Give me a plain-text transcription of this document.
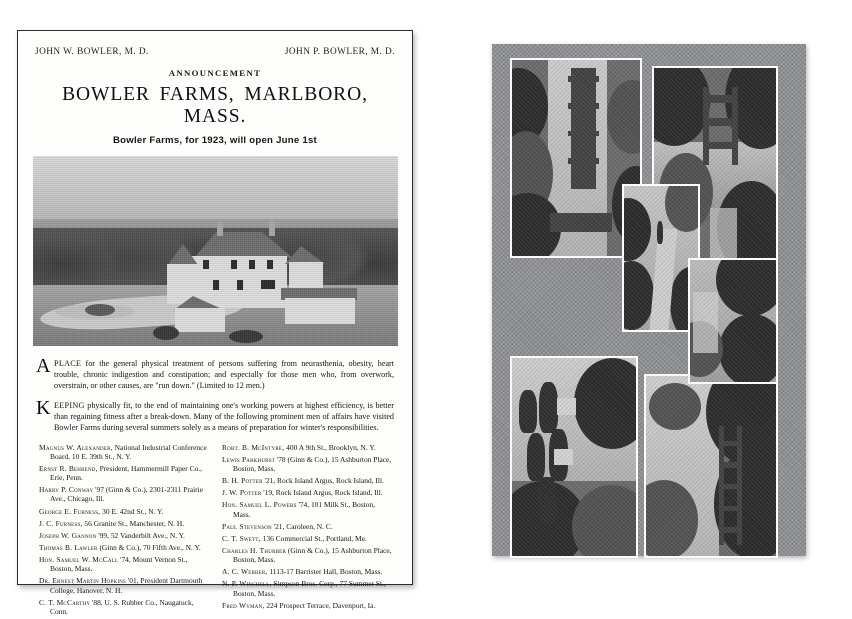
JOHN W. BOWLER, M. D.	JOHN P. BOWLER, M. D.
ANNOUNCEMENT
BOWLER FARMS, MARLBORO, MASS.
Bowler Farms, for 1923, will open June 1st
A PLACE for the general physical treatment of persons suffering from neurasthenia, obesity, heart trouble, chronic indigestion and constipation; and especially for those men who, from overwork, overstrain, or other causes, are "run down." (Limited to 12 men.)
K EEPING physically fit, to the end of maintaining one's working powers at highest efficiency, is better than regaining fitness after a break-down. Many of the following prominent men of affairs have visited Bowler Farms during several summers solely as a means of preparation for winter's responsibilities.
Magnus W. Alexander, National Industrial Conference Board, 10 E. 39th St., N. Y.
Ernst R. Behrend, President, Hammermill Paper Co., Erie, Penn.
Harry P. Conway '97 (Ginn & Co.), 2301-2311 Prairie Ave., Chicago, Ill.
George E. Furness, 30 E. 42nd St., N. Y.
J. C. Furness, 56 Granite St., Manchester, N. H.
Joseph W. Gannon '99, 52 Vanderbilt Ave., N. Y.
Thomas B. Lawler (Ginn & Co.), 70 Fifth Ave., N. Y.
Hon. Samuel W. McCall '74, Mount Vernon St., Boston, Mass.
Dr. Ernest Martin Hopkins '01, President Dartmouth College, Hanover, N. H.
C. T. McCarthy '88, U. S. Rubber Co., Naugatuck, Conn.
Robt. B. McIntyre, 400 A 9th St., Brooklyn, N. Y.
Lewis Parkhurst '78 (Ginn & Co.), 15 Ashburton Place, Boston, Mass.
B. H. Potter '21, Rock Island Argus, Rock Island, Ill.
J. W. Potter '19, Rock Island Argus, Rock Island, Ill.
Hon. Samuel L. Powers '74, 101 Milk St., Boston, Mass.
Paul Stevenson '21, Caroleen, N. C.
C. T. Swett, 136 Commercial St., Portland, Me.
Charles H. Thurber (Ginn & Co.), 15 Ashburton Place, Boston, Mass.
A. C. Webber, 1113-17 Barrister Hall, Boston, Mass.
N. P. Winchell, Simpson Bros. Corp., 77 Summer St., Boston, Mass.
Fred Wyman, 224 Prospect Terrace, Davenport, Ia.
